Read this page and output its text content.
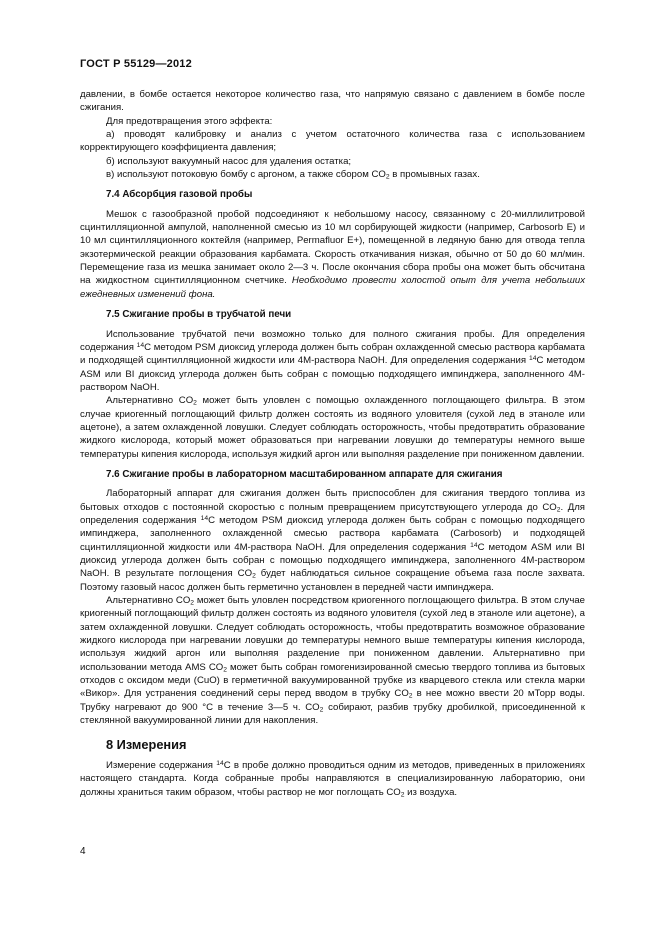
ГОСТ Р 55129—2012

давлении, в бомбе остается некоторое количество газа, что напрямую связано с давлением в бомбе после сжигания.

Для предотвращения этого эффекта:

а) проводят калибровку и анализ с учетом остаточного количества газа с использованием корректирующего коэффициента давления;

б) используют вакуумный насос для удаления остатка;

в) используют потоковую бомбу с аргоном, а также сбором CO2 в промывных газах.

7.4 Абсорбция газовой пробы

Мешок с газообразной пробой подсоединяют к небольшому насосу, связанному с 20-миллилитровой сцинтилляционной ампулой, наполненной смесью из 10 мл сорбирующей жидкости (например, Carbosorb E) и 10 мл сцинтилляционного коктейля (например, Permafluor E+), помещенной в ледяную баню для отвода тепла экзотермической реакции образования карбамата. Скорость откачивания низкая, обычно от 50 до 60 мл/мин. Перемещение газа из мешка занимает около 2—3 ч. После окончания сбора пробы она может быть обсчитана на жидкостном сцинтилляционном счетчике. Необходимо провести холостой опыт для учета небольших ежедневных изменений фона.

7.5 Сжигание пробы в трубчатой печи

Использование трубчатой печи возможно только для полного сжигания пробы. Для определения содержания $^{14}$C методом PSM диоксид углерода должен быть собран охлажденной смесью раствора карбамата и подходящей сцинтилляционной жидкости или 4М-раствора NaOH. Для определения содержания $^{14}$C методом ASM или BI диоксид углерода должен быть собран с помощью подходящего импинджера, заполненного 4М-раствором NaOH.

Альтернативно CO2 может быть уловлен с помощью охлажденного поглощающего фильтра. В этом случае криогенный поглощающий фильтр должен состоять из водяного уловителя (сухой лед в этаноле или ацетоне), а затем охлажденной ловушки. Следует соблюдать осторожность, чтобы предотвратить образование жидкого кислорода, который может образоваться при нагревании ловушки до температуры немного выше температуры кипения кислорода, используя жидкий аргон или выполняя разделение при пониженном давлении.

7.6 Сжигание пробы в лабораторном масштабированном аппарате для сжигания

Лабораторный аппарат для сжигания должен быть приспособлен для сжигания твердого топлива из бытовых отходов с постоянной скоростью с полным превращением присутствующего углерода до CO2. Для определения содержания $^{14}$C методом PSM диоксид углерода должен быть собран с помощью подходящего импинджера, заполненного охлажденной смесью раствора карбамата (Carbosorb) и подходящей сцинтилляционной жидкости или 4М-раствора NaOH. Для определения содержания $^{14}$C методом ASM или BI диоксид углерода должен быть собран с помощью подходящего импинджера, заполненного 4М-раствором NaOH. В результате поглощения CO2 будет наблюдаться сильное сокращение объема газа после захвата. Поэтому газовый насос должен быть герметично установлен в передней части импинджера.

Альтернативно CO2 может быть уловлен посредством криогенного поглощающего фильтра. В этом случае криогенный поглощающий фильтр должен состоять из водяного уловителя (сухой лед в этаноле или ацетоне), а затем охлажденной ловушки. Следует соблюдать осторожность, чтобы предотвратить возможное образование жидкого кислорода при нагревании ловушки до температуры немного выше температуры кипения кислорода, используя жидкий аргон или выполняя разделение при пониженном давлении. Альтернативно при использовании метода AMS CO2 может быть собран гомогенизированной смесью твердого топлива из бытовых отходов с оксидом меди (CuO) в герметичной вакуумированной трубке из кварцевого стекла или стекла марки «Викор». Для устранения соединений серы перед вводом в трубку CO2 в нее можно ввести 20 мТорр воды. Трубку нагревают до 900 °C в течение 3—5 ч. CO2 собирают, разбив трубку дробилкой, присоединенной к стеклянной вакуумированной линии для накопления.

8 Измерения

Измерение содержания $^{14}$C в пробе должно проводиться одним из методов, приведенных в приложениях настоящего стандарта. Когда собранные пробы направляются в специализированную лабораторию, они должны храниться таким образом, чтобы раствор не мог поглощать CO2 из воздуха.

4
